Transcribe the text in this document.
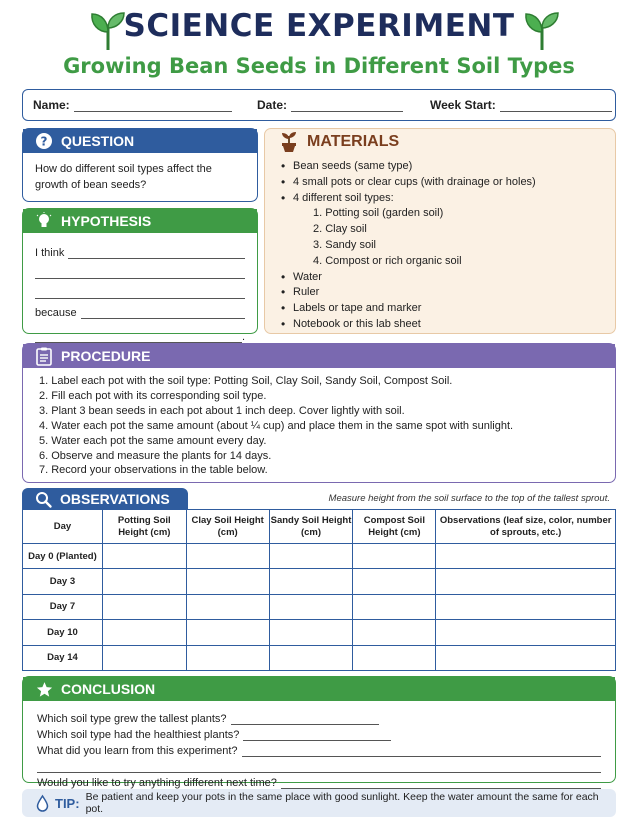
SCIENCE EXPERIMENT
Growing Bean Seeds in Different Soil Types
Name:	Date:	Week Start:
? QUESTION
How do different soil types affect the growth of bean seeds?
HYPOTHESIS
I think
because
.
MATERIALS
• Bean seeds (same type)
• 4 small pots or clear cups (with drainage or holes)
• 4 different soil types:
1. Potting soil (garden soil)
2. Clay soil
3. Sandy soil
4. Compost or rich organic soil
• Water
• Ruler
• Labels or tape and marker
• Notebook or this lab sheet
PROCEDURE
1. Label each pot with the soil type: Potting Soil, Clay Soil, Sandy Soil, Compost Soil.
2. Fill each pot with its corresponding soil type.
3. Plant 3 bean seeds in each pot about 1 inch deep. Cover lightly with soil.
4. Water each pot the same amount (about ¼ cup) and place them in the same spot with sunlight.
5. Water each pot the same amount every day.
6. Observe and measure the plants for 14 days.
7. Record your observations in the table below.
OBSERVATIONS	Measure height from the soil surface to the top of the tallest sprout.
Day	Potting Soil Height (cm)	Clay Soil Height (cm)	Sandy Soil Height (cm)	Compost Soil Height (cm)	Observations (leaf size, color, number of sprouts, etc.)
Day 0 (Planted)					
Day 3					
Day 7					
Day 10					
Day 14					
CONCLUSION
Which soil type grew the tallest plants?
Which soil type had the healthiest plants?
What did you learn from this experiment?
Would you like to try anything different next time?
TIP: Be patient and keep your pots in the same place with good sunlight. Keep the water amount the same for each pot.
